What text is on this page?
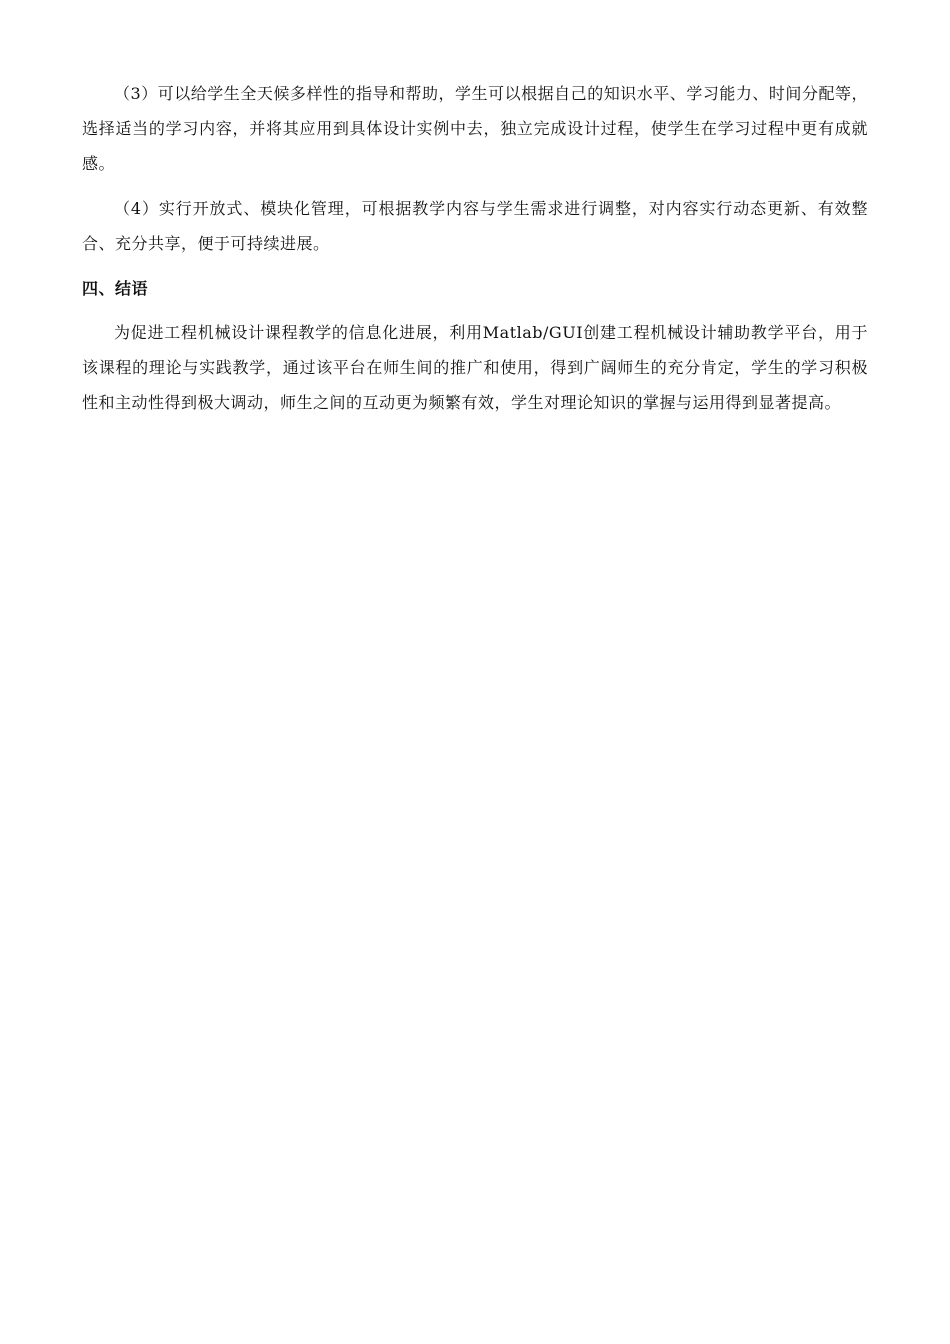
（3）可以给学生全天候多样性的指导和帮助，学生可以根据自己的知识水平、学习能力、时间分配等，选择适当的学习内容，并将其应用到具体设计实例中去，独立完成设计过程，使学生在学习过程中更有成就感。

（4）实行开放式、模块化管理，可根据教学内容与学生需求进行调整，对内容实行动态更新、有效整合、充分共享，便于可持续进展。

四、结语

为促进工程机械设计课程教学的信息化进展，利用Matlab/GUI创建工程机械设计辅助教学平台，用于该课程的理论与实践教学，通过该平台在师生间的推广和使用，得到广阔师生的充分肯定，学生的学习积极性和主动性得到极大调动，师生之间的互动更为频繁有效，学生对理论知识的掌握与运用得到显著提高。
